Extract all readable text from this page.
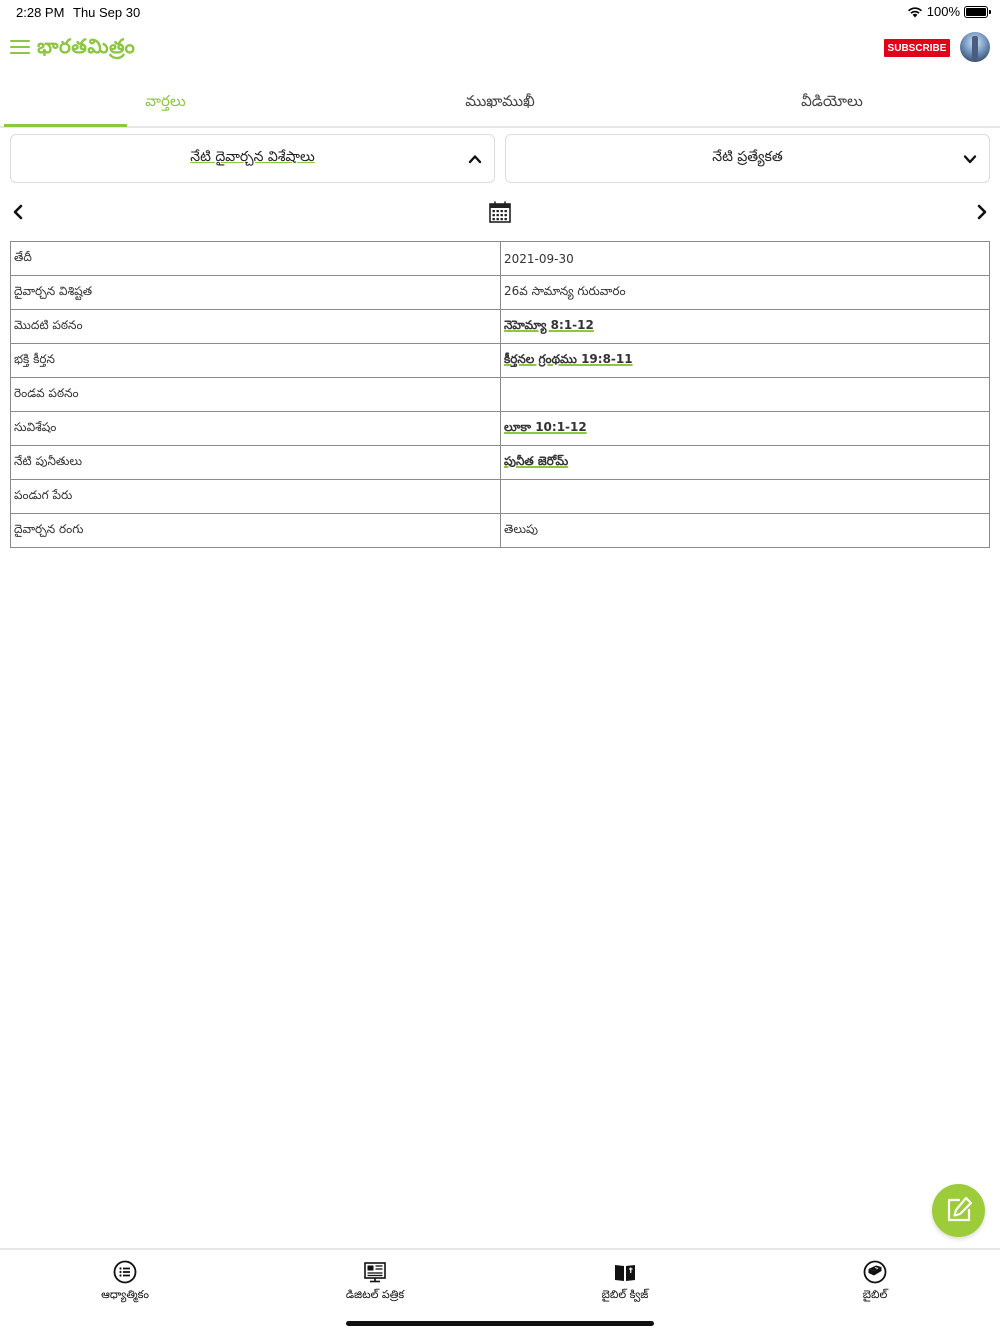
2:28 PM Thu Sep 30	100%
భారతమిత్రం	SUBSCRIBE
వార్తలు	ముఖాముఖీ	వీడియోలు
నేటి దైవార్చన విశేషాలు	నేటి ప్రత్యేకత
తేదీ	2021-09-30
దైవార్చన విశిష్టత	26వ సామాన్య గురువారం
మొదటి పఠనం	నెహెమ్యా 8:1-12
భక్తి కీర్తన	కీర్తనల గ్రంథము 19:8-11
రెండవ పఠనం	
సువిశేషం	లూకా 10:1-12
నేటి పునీతులు	పునీత జెరోమ్
పండుగ పేరు	
దైవార్చన రంగు	తెలుపు
ఆధ్యాత్మికం	డిజిటల్ పత్రిక	బైబిల్ క్విజ్	బైబిల్
